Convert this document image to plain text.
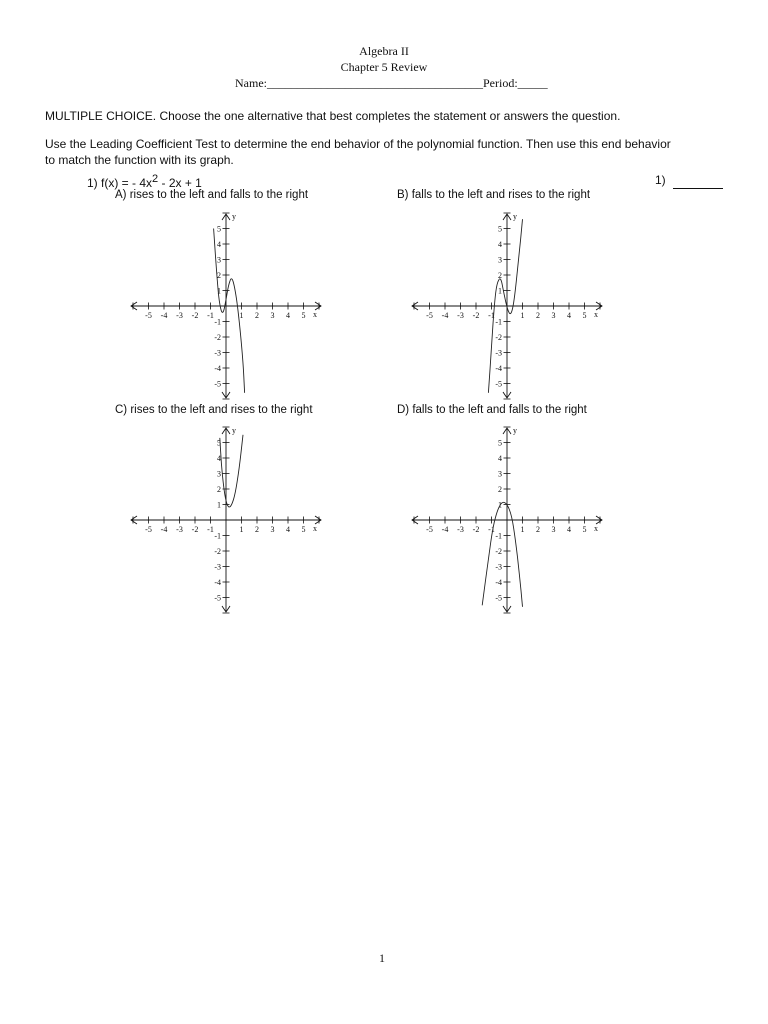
Algebra II
Chapter 5 Review
Name:____________________________________Period:_____
MULTIPLE CHOICE. Choose the one alternative that best completes the statement or answers the question.
Use the Leading Coefficient Test to determine the end behavior of the polynomial function. Then use this end behavior
to match the function with its graph.
1) f(x) = - $4x^2 - 2x + 1$	1)
A) rises to the left and falls to the right	B) falls to the left and rises to the right
C) rises to the left and rises to the right	D) falls to the left and falls to the right
-5 -4 -3 -2 -1	1 2 3 4 5
5
4
3
2
1
-1
-2
-3
-4
-5
x
y
-5 -4 -3 -2 -1	1 2 3 4 5
5
4
3
2
1
-1
-2
-3
-4
-5
x
y
-5 -4 -3 -2 -1	1 2 3 4 5
5
4
3
2
1
-1
-2
-3
-4
-5
x
y
-5 -4 -3 -2 -1	1 2 3 4 5
5
4
3
2
1
-1
-2
-3
-4
-5
x
y
1
